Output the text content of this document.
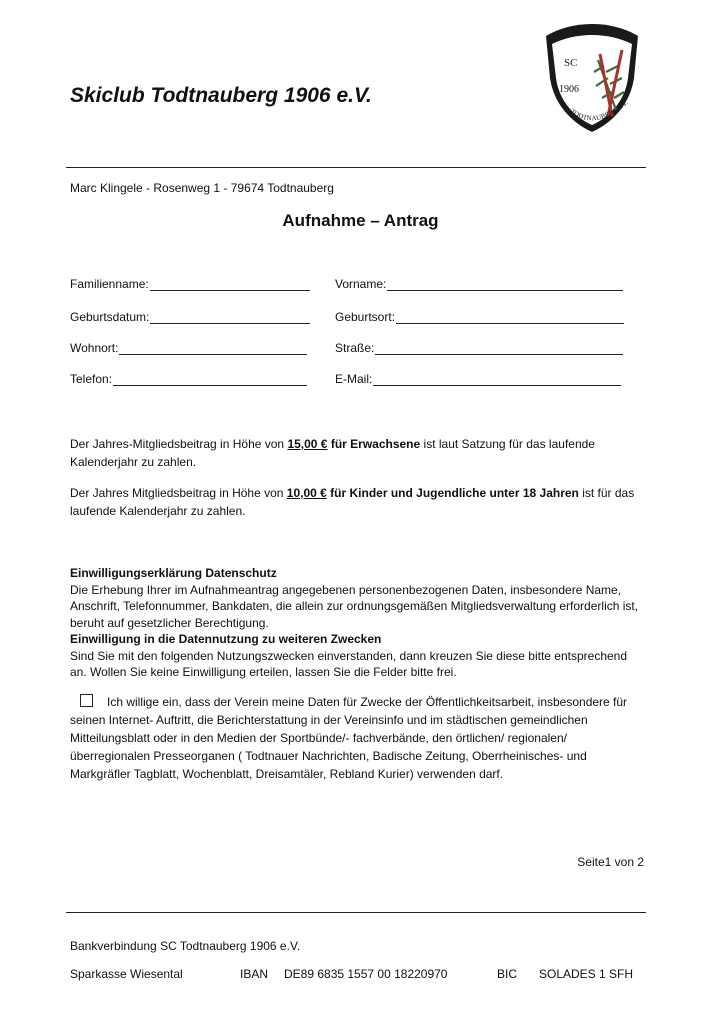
Skiclub Todtnauberg 1906 e.V.
SC
1906
TODTNAUBERG e.V.
Marc Klingele - Rosenweg 1 - 79674 Todtnauberg
Aufnahme – Antrag
Familienname:	Vorname:
Geburtsdatum:	Geburtsort:
Wohnort:	Straße:
Telefon:	E-Mail:
Der Jahres-Mitgliedsbeitrag in Höhe von 15,00 € für Erwachsene ist laut Satzung für das laufende Kalenderjahr zu zahlen.
Der Jahres Mitgliedsbeitrag in Höhe von 10,00 € für Kinder und Jugendliche unter 18 Jahren ist für das laufende Kalenderjahr zu zahlen.
Einwilligungserklärung Datenschutz
Die Erhebung Ihrer im Aufnahmeantrag angegebenen personenbezogenen Daten, insbesondere Name, Anschrift, Telefonnummer, Bankdaten, die allein zur ordnungsgemäßen Mitgliedsverwaltung erforderlich ist, beruht auf gesetzlicher Berechtigung.
Einwilligung in die Datennutzung zu weiteren Zwecken
Sind Sie mit den folgenden Nutzungszwecken einverstanden, dann kreuzen Sie diese bitte entsprechend an. Wollen Sie keine Einwilligung erteilen, lassen Sie die Felder bitte frei.
Ich willige ein, dass der Verein meine Daten für Zwecke der Öffentlichkeitsarbeit, insbesondere für seinen Internet- Auftritt, die Berichterstattung in der Vereinsinfo und im städtischen gemeindlichen Mitteilungsblatt oder in den Medien der Sportbünde/- fachverbände, den örtlichen/ regionalen/ überregionalen Presseorganen ( Todtnauer Nachrichten, Badische Zeitung, Oberrheinisches- und Markgräfler Tagblatt, Wochenblatt, Dreisamtäler, Rebland Kurier) verwenden darf.
Seite1 von 2
Bankverbindung SC Todtnauberg 1906 e.V.
Sparkasse Wiesental	IBAN DE89 6835 1557 00 18220970	BIC SOLADES 1 SFH
